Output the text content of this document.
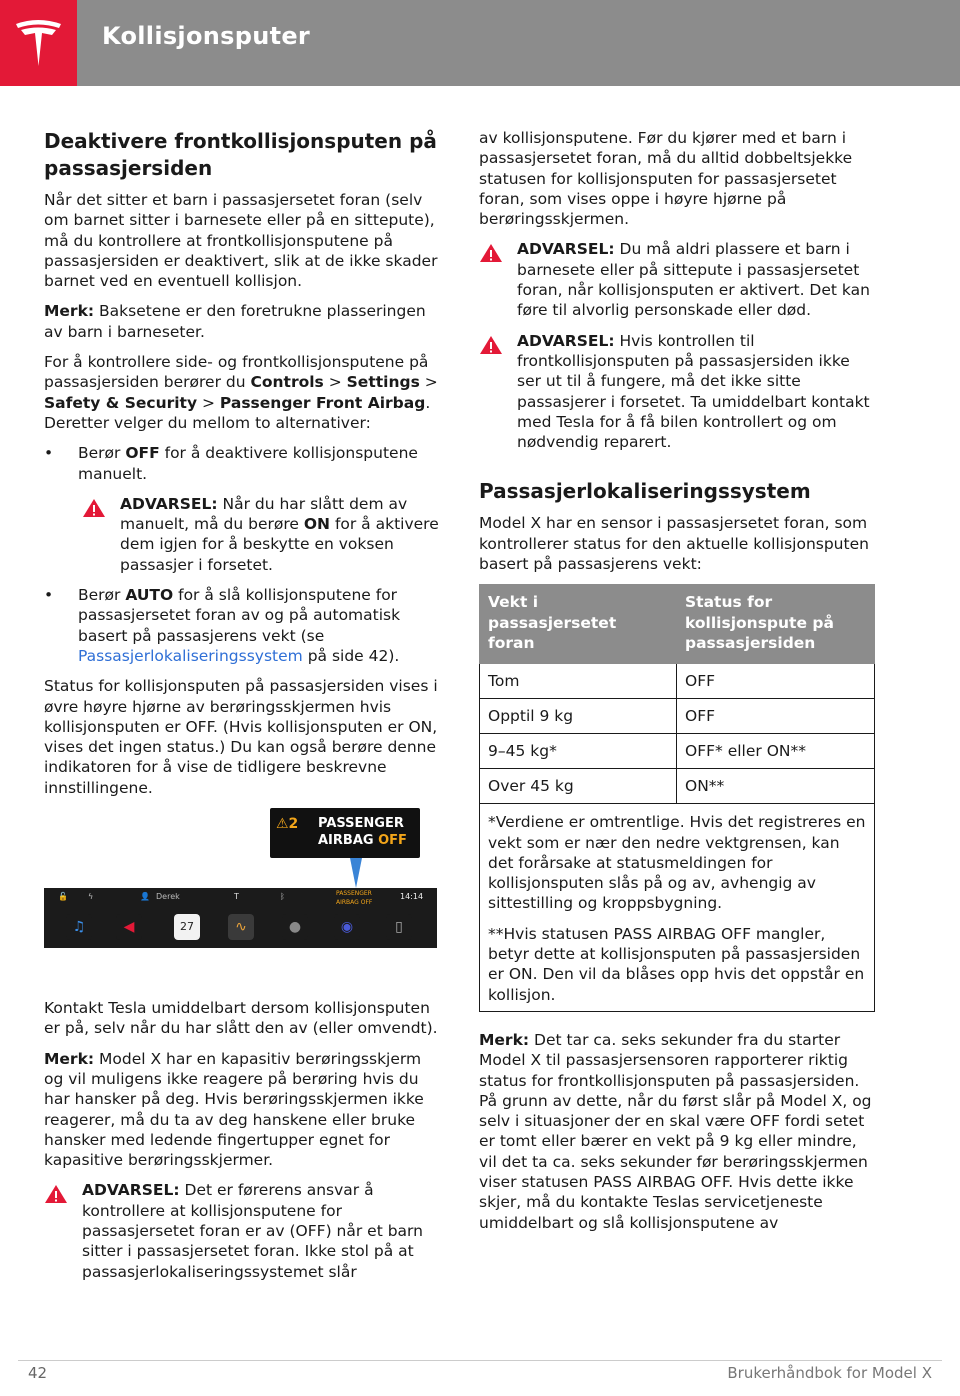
Kollisjonsputer
Deaktivere frontkollisjonsputen på passasjersiden

Når det sitter et barn i passasjersetet foran (selv om barnet sitter i barnesete eller på en sittepute), må du kontrollere at frontkollisjonsputene på passasjersiden er deaktivert, slik at de ikke skader barnet ved en eventuell kollisjon.

Merk: Baksetene er den foretrukne plasseringen av barn i barneseter.

For å kontrollere side- og frontkollisjonsputene på passasjersiden berører du Controls > Settings > Safety & Security > Passenger Front Airbag. Deretter velger du mellom to alternativer:

• Berør OFF for å deaktivere kollisjonsputene manuelt.
ADVARSEL: Når du har slått dem av manuelt, må du berøre ON for å aktivere dem igjen for å beskytte en voksen passasjer i forsetet.
• Berør AUTO for å slå kollisjonsputene for passasjersetet foran av og på automatisk basert på passasjerens vekt (se Passasjerlokaliseringssystem på side 42).

Status for kollisjonsputen på passasjersiden vises i øvre høyre hjørne av berøringsskjermen hvis kollisjonsputen er OFF. (Hvis kollisjonsputen er ON, vises det ingen status.) Du kan også berøre denne indikatoren for å vise de tidligere beskrevne innstillingene.

⚠2 PASSENGER
AIRBAG OFF
🔓	ϟ	👤 Derek	T	ᛒ	PASSENGER AIRBAG OFF
14:14
♫	◀	27	∿	●	◉	▯

Kontakt Tesla umiddelbart dersom kollisjonsputen er på, selv når du har slått den av (eller omvendt).

Merk: Model X har en kapasitiv berøringsskjerm og vil muligens ikke reagere på berøring hvis du har hansker på deg. Hvis berøringsskjermen ikke reagerer, må du ta av deg hanskene eller bruke hansker med ledende fingertupper egnet for kapasitive berøringsskjermer.

ADVARSEL: Det er førerens ansvar å kontrollere at kollisjonsputene for passasjersetet foran er av (OFF) når et barn sitter i passasjersetet foran. Ikke stol på at passasjerlokaliseringssystemet slår

av kollisjonsputene. Før du kjører med et barn i passasjersetet foran, må du alltid dobbeltsjekke statusen for kollisjonsputen for passasjersetet foran, som vises oppe i høyre hjørne på berøringsskjermen.

ADVARSEL: Du må aldri plassere et barn i barnesete eller på sittepute i passasjersetet foran, når kollisjonsputen er aktivert. Det kan føre til alvorlig personskade eller død.
ADVARSEL: Hvis kontrollen til frontkollisjonsputen på passasjersiden ikke ser ut til å fungere, må det ikke sitte passasjerer i forsetet. Ta umiddelbart kontakt med Tesla for å få bilen kontrollert og om nødvendig reparert.
Passasjerlokaliseringssystem

Model X har en sensor i passasjersetet foran, som kontrollerer status for den aktuelle kollisjonsputen basert på passasjerens vekt:

Vekt i passasjersetet foran	Status for kollisjonspute på passasjersiden
Tom	OFF
Opptil 9 kg	OFF
9–45 kg*	OFF* eller ON**
Over 45 kg	ON**

*Verdiene er omtrentlige. Hvis det registreres en vekt som er nær den nedre vektgrensen, kan det forårsake at statusmeldingen for kollisjonsputen slås på og av, avhengig av sittestilling og kroppsbygning.

**Hvis statusen PASS AIRBAG OFF mangler, betyr dette at kollisjonsputen på passasjersiden er ON. Den vil da blåses opp hvis det oppstår en kollisjon.	

Merk: Det tar ca. seks sekunder fra du starter Model X til passasjersensoren rapporterer riktig status for frontkollisjonsputen på passasjersiden. På grunn av dette, når du først slår på Model X, og selv i situasjoner der en skal være OFF fordi setet er tomt eller bærer en vekt på 9 kg eller mindre, vil det ta ca. seks sekunder før berøringsskjermen viser statusen PASS AIRBAG OFF. Hvis dette ikke skjer, må du kontakte Teslas servicetjeneste umiddelbart og slå kollisjonsputene av

42	Brukerhåndbok for Model X
